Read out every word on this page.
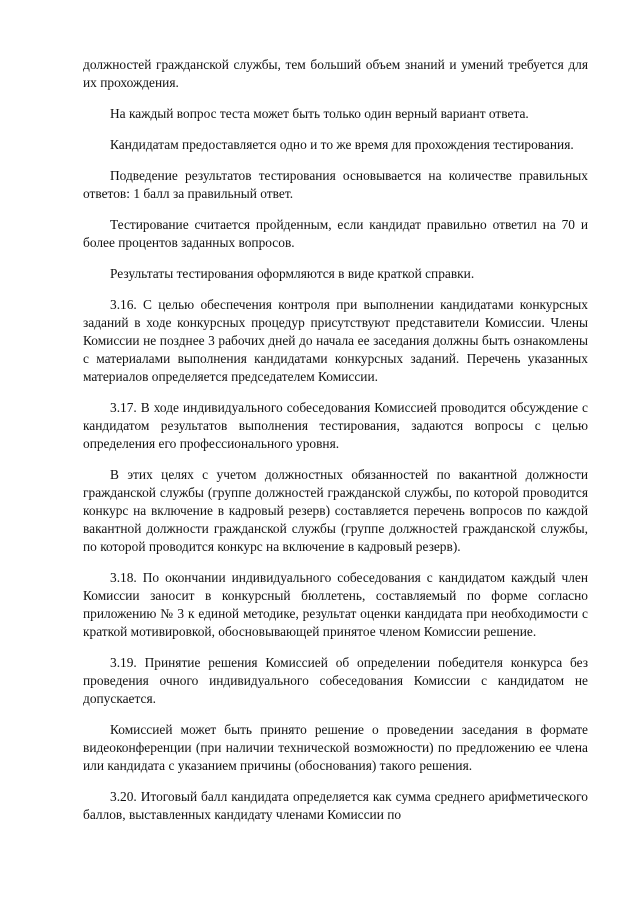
должностей гражданской службы, тем больший объем знаний и умений требуется для их прохождения.

На каждый вопрос теста может быть только один верный вариант ответа.

Кандидатам предоставляется одно и то же время для прохождения тестирования.

Подведение результатов тестирования основывается на количестве правильных ответов: 1 балл за правильный ответ.

Тестирование считается пройденным, если кандидат правильно ответил на 70 и более процентов заданных вопросов.

Результаты тестирования оформляются в виде краткой справки.

3.16. С целью обеспечения контроля при выполнении кандидатами конкурсных заданий в ходе конкурсных процедур присутствуют представители Комиссии. Члены Комиссии не позднее 3 рабочих дней до начала ее заседания должны быть ознакомлены с материалами выполнения кандидатами конкурсных заданий. Перечень указанных материалов определяется председателем Комиссии.

3.17. В ходе индивидуального собеседования Комиссией проводится обсуждение с кандидатом результатов выполнения тестирования, задаются вопросы с целью определения его профессионального уровня.

В этих целях с учетом должностных обязанностей по вакантной должности гражданской службы (группе должностей гражданской службы, по которой проводится конкурс на включение в кадровый резерв) составляется перечень вопросов по каждой вакантной должности гражданской службы (группе должностей гражданской службы, по которой проводится конкурс на включение в кадровый резерв).

3.18. По окончании индивидуального собеседования с кандидатом каждый член Комиссии заносит в конкурсный бюллетень, составляемый по форме согласно приложению № 3 к единой методике, результат оценки кандидата при необходимости с краткой мотивировкой, обосновывающей принятое членом Комиссии решение.

3.19. Принятие решения Комиссией об определении победителя конкурса без проведения очного индивидуального собеседования Комиссии с кандидатом не допускается.

Комиссией может быть принято решение о проведении заседания в формате видеоконференции (при наличии технической возможности) по предложению ее члена или кандидата с указанием причины (обоснования) такого решения.

3.20. Итоговый балл кандидата определяется как сумма среднего арифметического баллов, выставленных кандидату членами Комиссии по
